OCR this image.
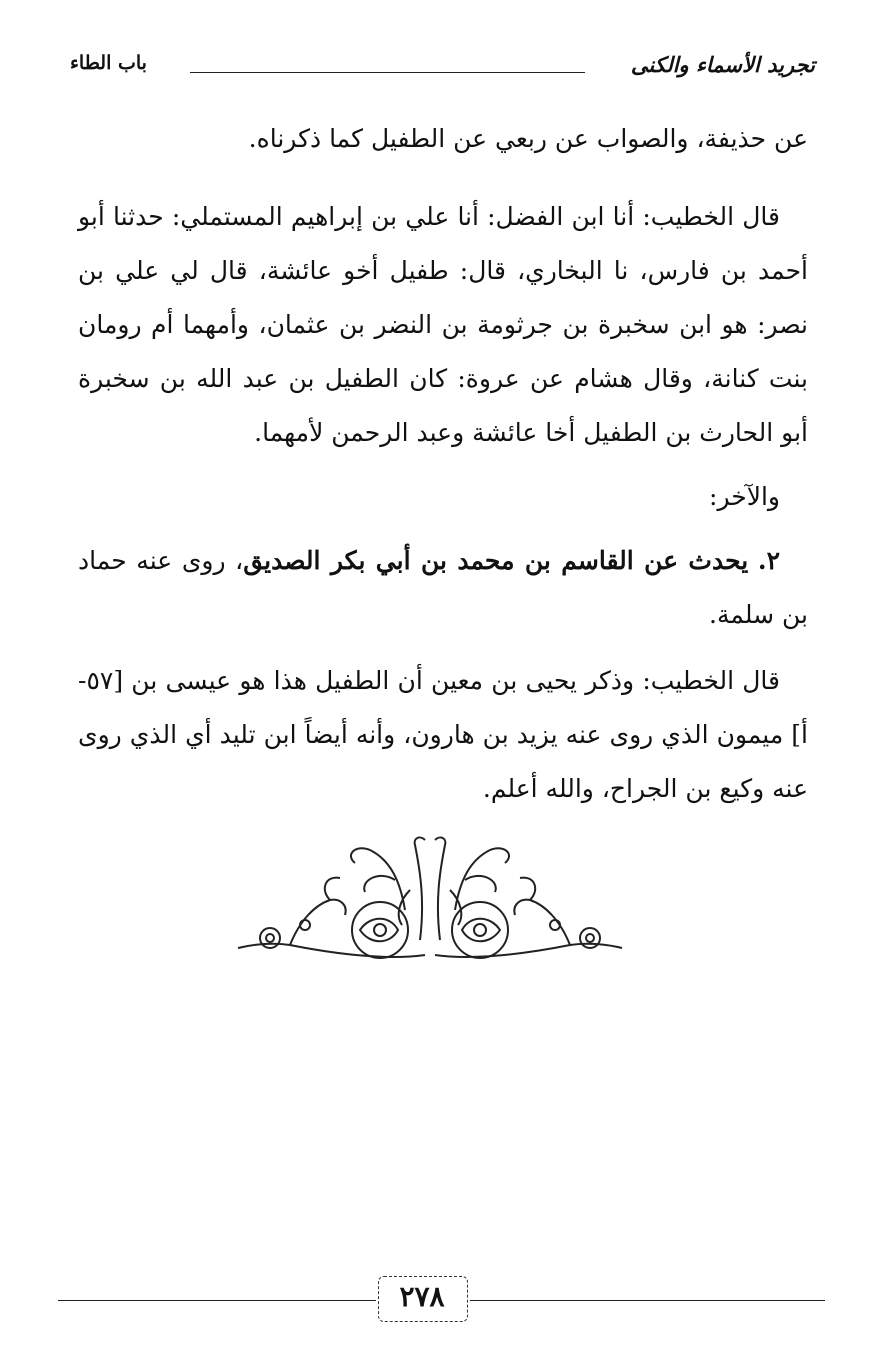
تجريد الأسماء والكنى
باب الطاء

عن حذيفة، والصواب عن ربعي عن الطفيل كما ذكرناه.

قال الخطيب: أنا ابن الفضل: أنا علي بن إبراهيم المستملي: حدثنا أبو أحمد بن فارس، نا البخاري، قال: طفيل أخو عائشة، قال لي علي بن نصر: هو ابن سخبرة بن جرثومة بن النضر بن عثمان، وأمهما أم رومان بنت كنانة، وقال هشام عن عروة: كان الطفيل بن عبد الله بن سخبرة أبو الحارث بن الطفيل أخا عائشة وعبد الرحمن لأمهما.

والآخر:

٢. يحدث عن القاسم بن محمد بن أبي بكر الصديق، روى عنه حماد بن سلمة.

قال الخطيب: وذكر يحيى بن معين أن الطفيل هذا هو عيسى بن [٥٧-أ] ميمون الذي روى عنه يزيد بن هارون، وأنه أيضاً ابن تليد أي الذي روى عنه وكيع بن الجراح، والله أعلم.

٢٧٨
